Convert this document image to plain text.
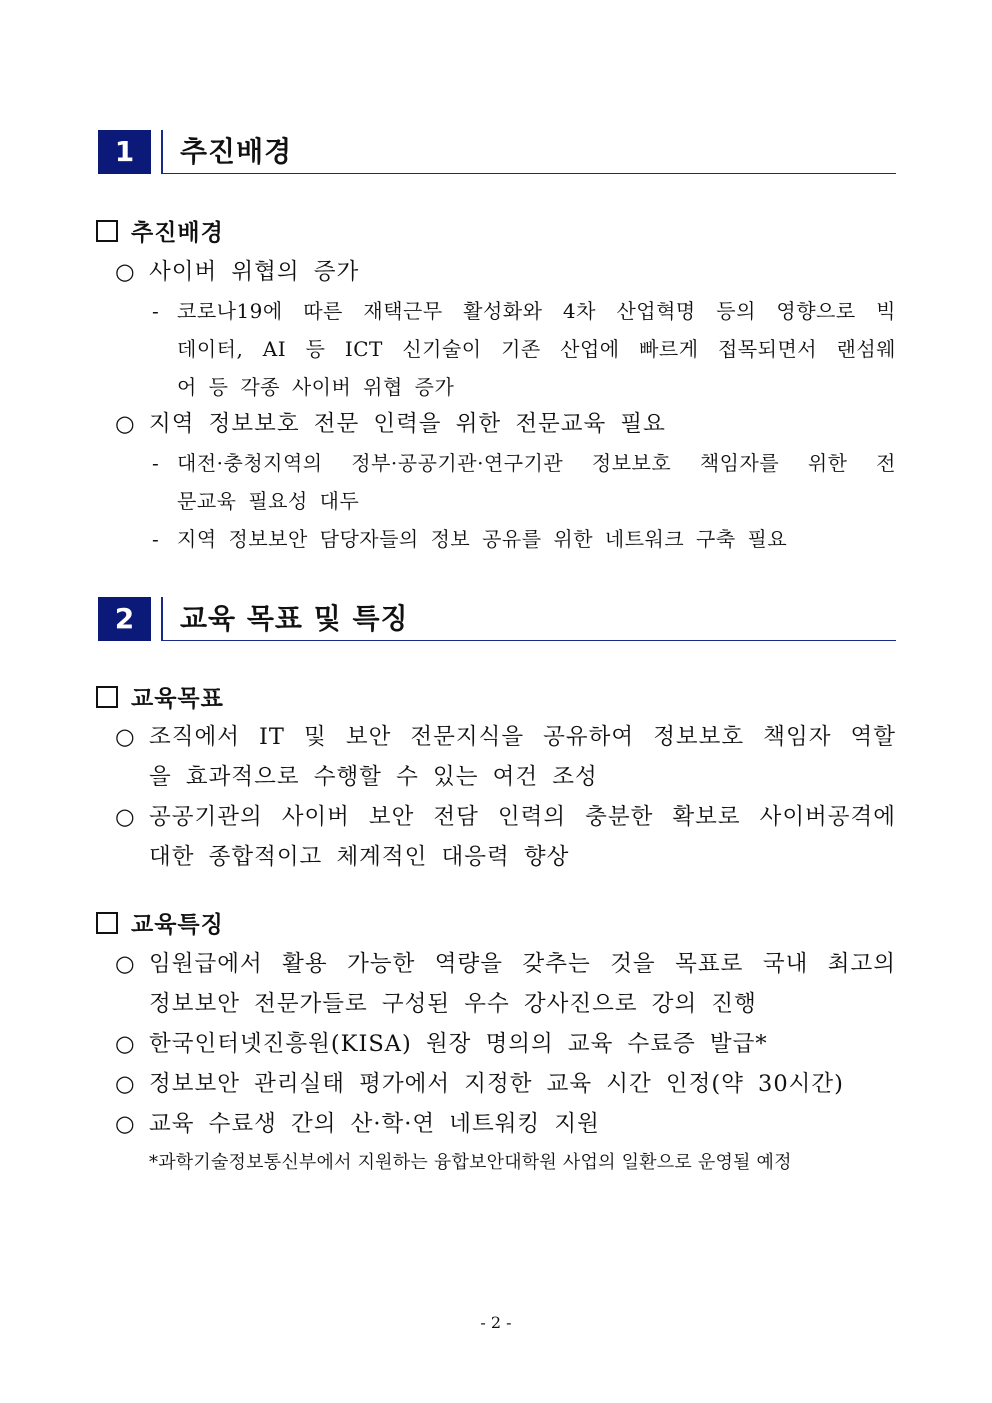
1	추진배경
추진배경
○ 사이버 위협의 증가
- 코로나19에 따른 재택근무 활성화와 4차 산업혁명 등의 영향으로 빅
데이터, AI 등 ICT 신기술이 기존 산업에 빠르게 접목되면서 랜섬웨
어 등 각종 사이버 위협 증가
○ 지역 정보보호 전문 인력을 위한 전문교육 필요
- 대전·충청지역의 정부·공공기관·연구기관 정보보호 책임자를 위한 전
문교육 필요성 대두
- 지역 정보보안 담당자들의 정보 공유를 위한 네트워크 구축 필요
2	교육 목표 및 특징
교육목표
○ 조직에서 IT 및 보안 전문지식을 공유하여 정보보호 책임자 역할
을 효과적으로 수행할 수 있는 여건 조성
○ 공공기관의 사이버 보안 전담 인력의 충분한 확보로 사이버공격에
대한 종합적이고 체계적인 대응력 향상
교육특징
○ 임원급에서 활용 가능한 역량을 갖추는 것을 목표로 국내 최고의
정보보안 전문가들로 구성된 우수 강사진으로 강의 진행
○ 한국인터넷진흥원(KISA) 원장 명의의 교육 수료증 발급*
○ 정보보안 관리실태 평가에서 지정한 교육 시간 인정(약 30시간)
○ 교육 수료생 간의 산·학·연 네트워킹 지원
*과학기술정보통신부에서 지원하는 융합보안대학원 사업의 일환으로 운영될 예정
- 2 -
